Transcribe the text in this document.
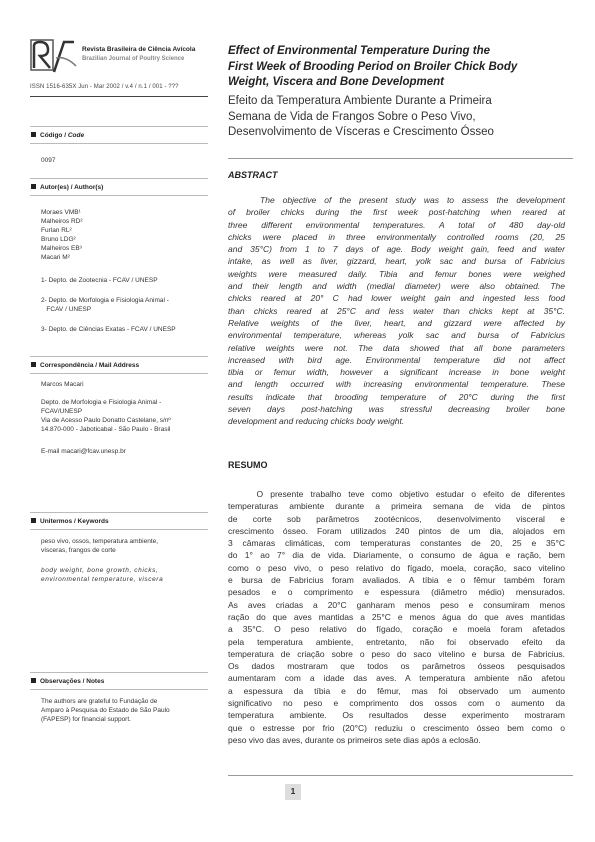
Revista Brasileira de Ciência Avícola
Brazilian Journal of Poultry Science
ISSN 1516-635X Jun - Mar 2002 / v.4 / n.1 / 001 - ???
Código / Code
0097
Autor(es) / Author(s)
Moraes VMB¹
Malheiros RD²
Furlan RL²
Bruno LDG²
Malheiros EB³
Macari M²
1- Depto. de Zootecnia - FCAV / UNESP
2- Depto. de Morfologia e Fisiologia Animal -
FCAV / UNESP
3- Depto. de Ciências Exatas - FCAV / UNESP
Correspondência / Mail Address
Marcos Macari
Depto. de Morfologia e Fisiologia Animal -
FCAV/UNESP
Via de Acesso Paulo Donatto Castelane, s/nº
14.870-000 - Jaboticabal - São Paulo - Brasil
E-mail macari@fcav.unesp.br
Unitermos / Keywords
peso vivo, ossos, temperatura ambiente,
vísceras, frangos de corte
body weight, bone growth, chicks,
environmental temperature, viscera
Observações / Notes
The authors are grateful to Fundação de
Amparo à Pesquisa do Estado de São Paulo
(FAPESP) for financial support.
Effect of Environmental Temperature During the
First Week of Brooding Period on Broiler Chick Body
Weight, Viscera and Bone Development
Efeito da Temperatura Ambiente Durante a Primeira
Semana de Vida de Frangos Sobre o Peso Vivo,
Desenvolvimento de Vísceras e Crescimento Ósseo
ABSTRACT
The objective of the present study was to assess the development
of broiler chicks during the first week post-hatching when reared at
three different environmental temperatures. A total of 480 day-old
chicks were placed in three environmentally controlled rooms (20, 25
and 35°C) from 1 to 7 days of age. Body weight gain, feed and water
intake, as well as liver, gizzard, heart, yolk sac and bursa of Fabricius
weights were measured daily. Tibia and femur bones were weighed
and their length and width (medial diameter) were also obtained. The
chicks reared at 20° C had lower weight gain and ingested less food
than chicks reared at 25°C and less water than chicks kept at 35°C.
Relative weights of the liver, heart, and gizzard were affected by
environmental temperature, whereas yolk sac and bursa of Fabricius
relative weights were not. The data showed that all bone parameters
increased with bird age. Environmental temperature did not affect
tibia or femur width, however a significant increase in bone weight
and length occurred with increasing environmental temperature. These
results indicate that brooding temperature of 20°C during the first
seven days post-hatching was stressful decreasing broiler bone
development and reducing chicks body weight.
RESUMO
O presente trabalho teve como objetivo estudar o efeito de diferentes
temperaturas ambiente durante a primeira semana de vida de pintos
de corte sob parâmetros zootécnicos, desenvolvimento visceral e
crescimento ósseo. Foram utilizados 240 pintos de um dia, alojados em
3 câmaras climáticas, com temperaturas constantes de 20, 25 e 35°C
do 1° ao 7° dia de vida. Diariamente, o consumo de água e ração, bem
como o peso vivo, o peso relativo do fígado, moela, coração, saco vitelino
e bursa de Fabricius foram avaliados. A tíbia e o fêmur também foram
pesados e o comprimento e espessura (diâmetro médio) mensurados.
As aves criadas a 20°C ganharam menos peso e consumiram menos
ração do que aves mantidas a 25°C e menos água do que aves mantidas
a 35°C. O peso relativo do fígado, coração e moela foram afetados
pela temperatura ambiente, entretanto, não foi observado efeito da
temperatura de criação sobre o peso do saco vitelino e bursa de Fabricius.
Os dados mostraram que todos os parâmetros ósseos pesquisados
aumentaram com a idade das aves. A temperatura ambiente não afetou
a espessura da tíbia e do fêmur, mas foi observado um aumento
significativo no peso e comprimento dos ossos com o aumento da
temperatura ambiente. Os resultados desse experimento mostraram
que o estresse por frio (20°C) reduziu o crescimento ósseo bem como o
peso vivo das aves, durante os primeiros sete dias após a eclosão.
1
